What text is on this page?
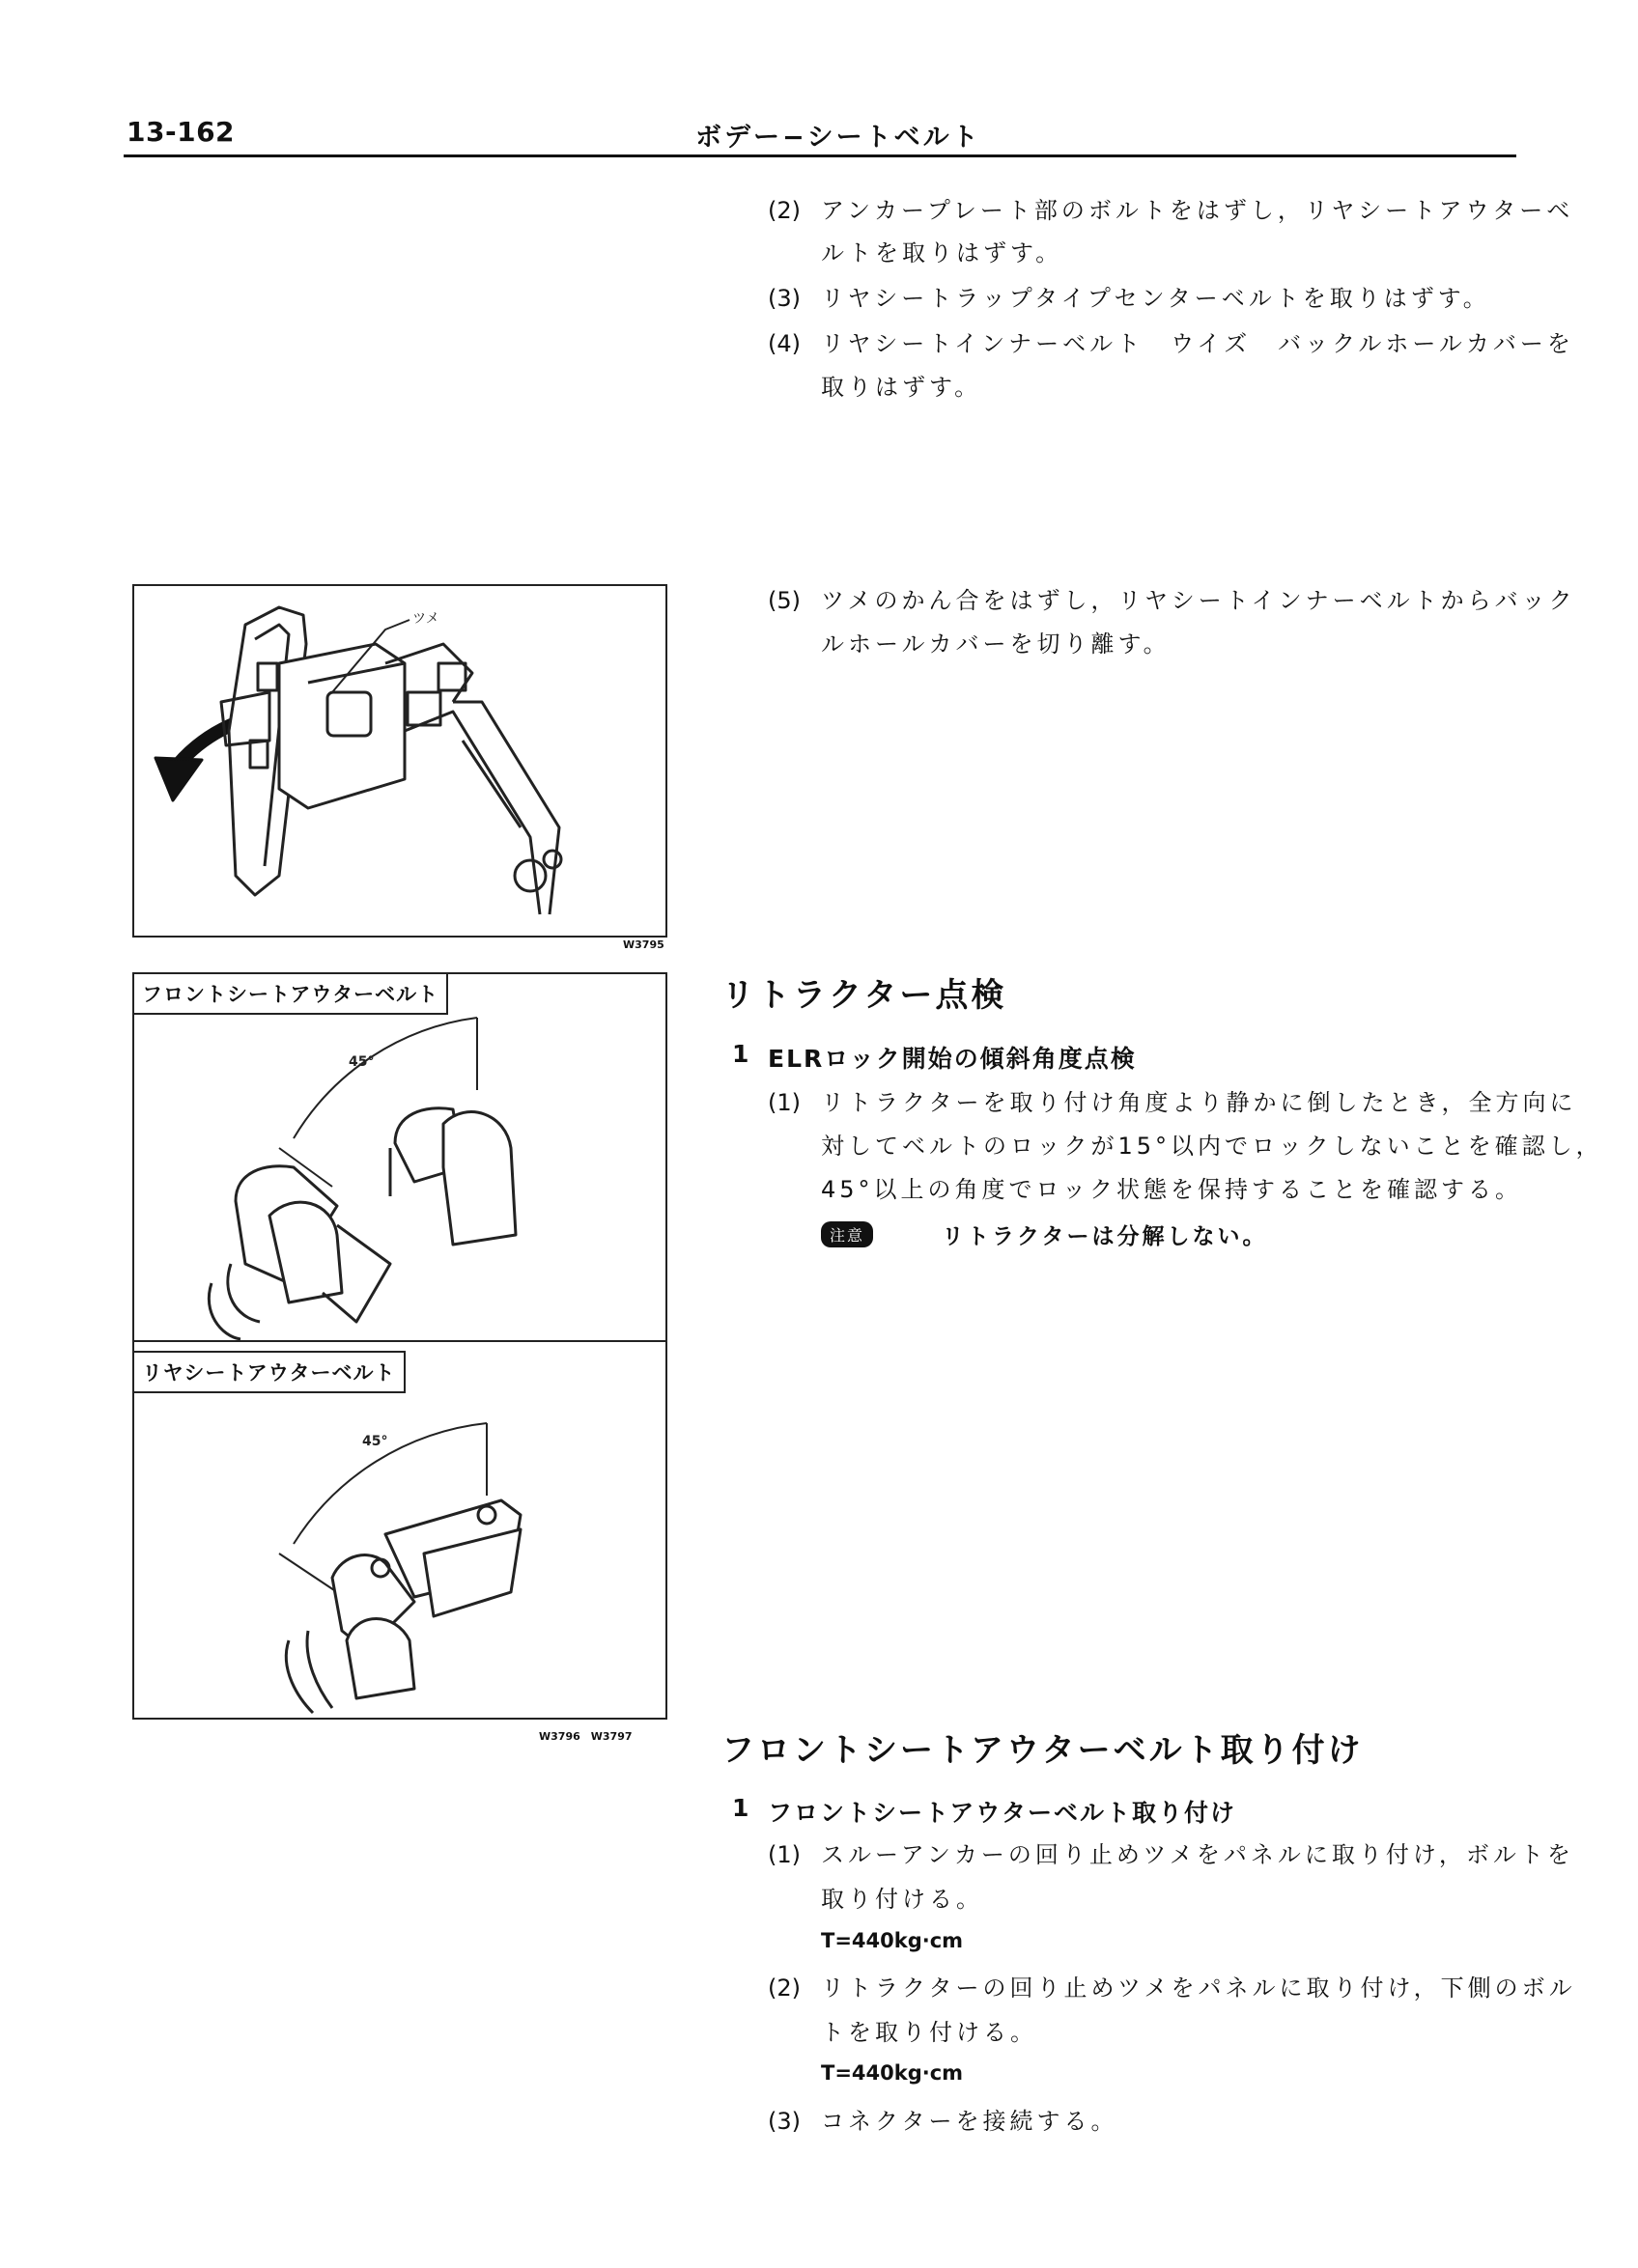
13-162	ボデー−シートベルト
(2) アンカープレート部のボルトをはずし，リヤシートアウターベ
ルトを取りはずす。
(3) リヤシートラップタイプセンターベルトを取りはずす。
(4) リヤシートインナーベルト　ウイズ　バックルホールカバーを
取りはずす。
(5) ツメのかん合をはずし，リヤシートインナーベルトからバック
ルホールカバーを切り離す。
ツメ
W3795
45°
45°
フロントシートアウターベルト
リヤシートアウターベルト
W3796　W3797
リトラクター点検
1 ELRロック開始の傾斜角度点検
(1) リトラクターを取り付け角度より静かに倒したとき，全方向に
対してベルトのロックが15°以内でロックしないことを確認し，
45°以上の角度でロック状態を保持することを確認する。
注意	リトラクターは分解しない。
フロントシートアウターベルト取り付け
1 フロントシートアウターベルト取り付け
(1) スルーアンカーの回り止めツメをパネルに取り付け，ボルトを
取り付ける。
T=440kg·cm
(2) リトラクターの回り止めツメをパネルに取り付け，下側のボル
トを取り付ける。
T=440kg·cm
(3) コネクターを接続する。
